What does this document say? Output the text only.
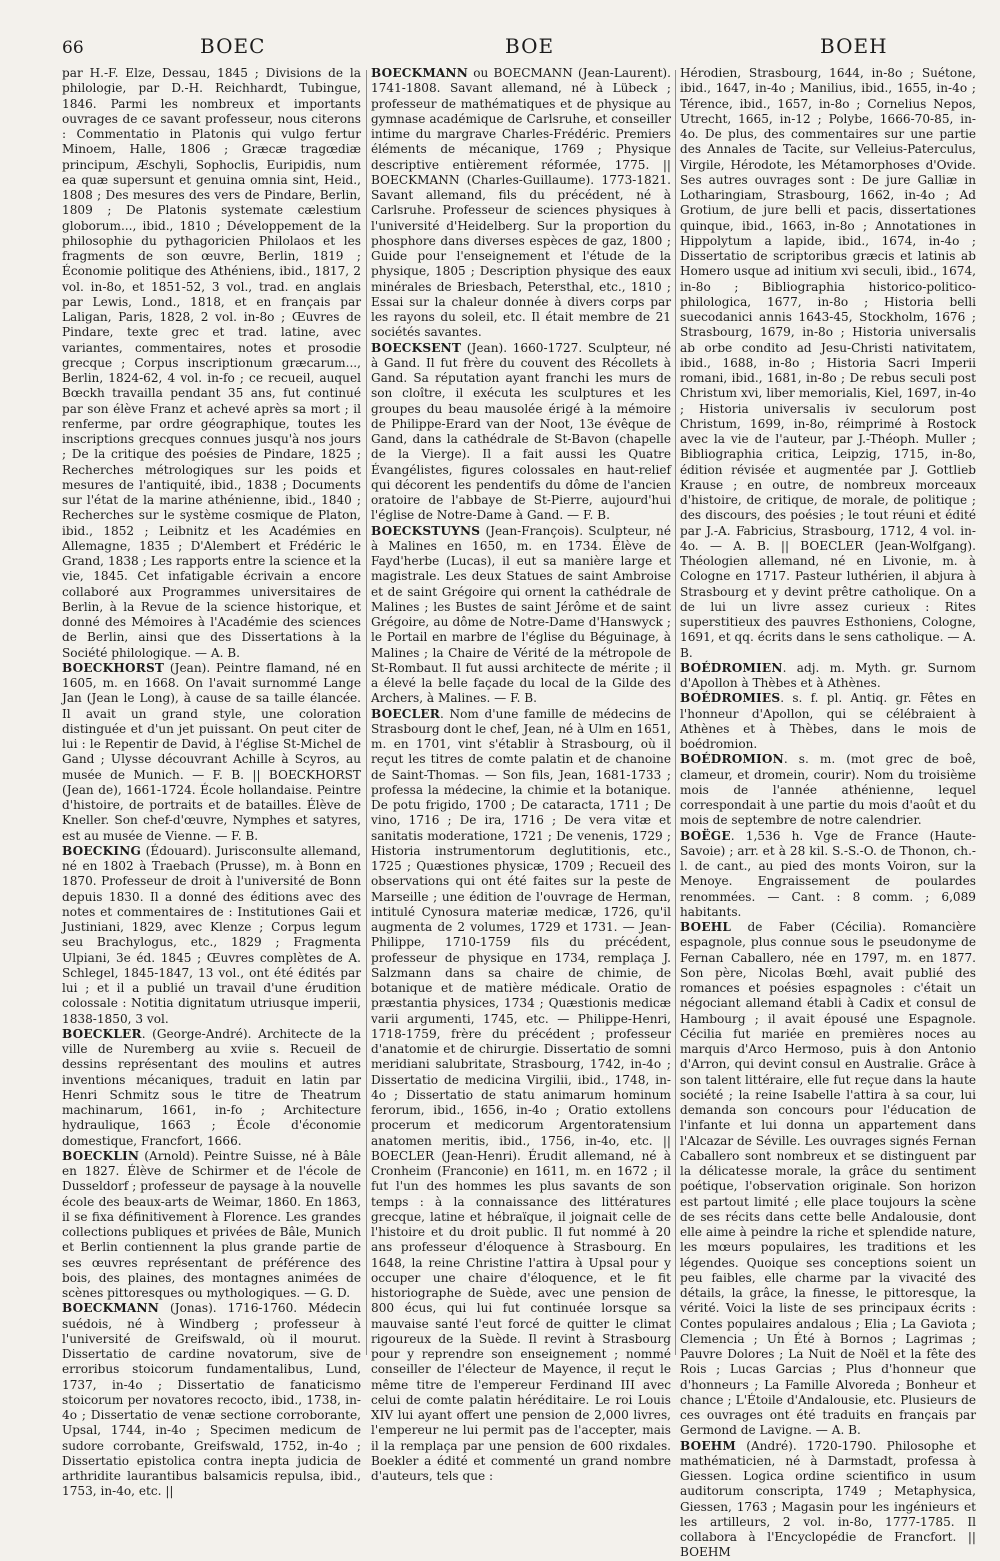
66	BOEC	BOE	BOEH

par H.-F. Elze, Dessau, 1845 ; Divisions de la philologie, par D.-H. Reichhardt, Tubingue, 1846. Parmi les nombreux et importants ouvrages de ce savant professeur, nous citerons : Commentatio in Platonis qui vulgo fertur Minoem, Halle, 1806 ; Græcæ tragœdiæ principum, Æschyli, Sophoclis, Euripidis, num ea quæ supersunt et genuina omnia sint, Heid., 1808 ; Des mesures des vers de Pindare, Berlin, 1809 ; De Platonis systemate cælestium globorum..., ibid., 1810 ; Développement de la philosophie du pythagoricien Philolaos et les fragments de son œuvre, Berlin, 1819 ; Économie politique des Athéniens, ibid., 1817, 2 vol. in-8o, et 1851-52, 3 vol., trad. en anglais par Lewis, Lond., 1818, et en français par Laligan, Paris, 1828, 2 vol. in-8o ; Œuvres de Pindare, texte grec et trad. latine, avec variantes, commentaires, notes et prosodie grecque ; Corpus inscriptionum græcarum..., Berlin, 1824-62, 4 vol. in-fo ; ce recueil, auquel Bœckh travailla pendant 35 ans, fut continué par son élève Franz et achevé après sa mort ; il renferme, par ordre géographique, toutes les inscriptions grecques connues jusqu'à nos jours ; De la critique des poésies de Pindare, 1825 ; Recherches métrologiques sur les poids et mesures de l'antiquité, ibid., 1838 ; Documents sur l'état de la marine athénienne, ibid., 1840 ; Recherches sur le système cosmique de Platon, ibid., 1852 ; Leibnitz et les Académies en Allemagne, 1835 ; D'Alembert et Frédéric le Grand, 1838 ; Les rapports entre la science et la vie, 1845. Cet infatigable écrivain a encore collaboré aux Programmes universitaires de Berlin, à la Revue de la science historique, et donné des Mémoires à l'Académie des sciences de Berlin, ainsi que des Dissertations à la Société philologique. — A. B.

BOECKHORST (Jean). Peintre flamand, né en 1605, m. en 1668. On l'avait surnommé Lange Jan (Jean le Long), à cause de sa taille élancée. Il avait un grand style, une coloration distinguée et d'un jet puissant. On peut citer de lui : le Repentir de David, à l'église St-Michel de Gand ; Ulysse découvrant Achille à Scyros, au musée de Munich. — F. B. || BOECKHORST (Jean de), 1661-1724. École hollandaise. Peintre d'histoire, de portraits et de batailles. Élève de Kneller. Son chef-d'œuvre, Nymphes et satyres, est au musée de Vienne. — F. B.

BOECKING (Édouard). Jurisconsulte allemand, né en 1802 à Traebach (Prusse), m. à Bonn en 1870. Professeur de droit à l'université de Bonn depuis 1830. Il a donné des éditions avec des notes et commentaires de : Institutiones Gaii et Justiniani, 1829, avec Klenze ; Corpus legum seu Brachylogus, etc., 1829 ; Fragmenta Ulpiani, 3e éd. 1845 ; Œuvres complètes de A. Schlegel, 1845-1847, 13 vol., ont été édités par lui ; et il a publié un travail d'une érudition colossale : Notitia dignitatum utriusque imperii, 1838-1850, 3 vol.

BOECKLER. (George-André). Architecte de la ville de Nuremberg au xviie s. Recueil de dessins représentant des moulins et autres inventions mécaniques, traduit en latin par Henri Schmitz sous le titre de Theatrum machinarum, 1661, in-fo ; Architecture hydraulique, 1663 ; École d'économie domestique, Francfort, 1666.

BOECKLIN (Arnold). Peintre Suisse, né à Bâle en 1827. Élève de Schirmer et de l'école de Dusseldorf ; professeur de paysage à la nouvelle école des beaux-arts de Weimar, 1860. En 1863, il se fixa définitivement à Florence. Les grandes collections publiques et privées de Bâle, Munich et Berlin contiennent la plus grande partie de ses œuvres représentant de préférence des bois, des plaines, des montagnes animées de scènes pittoresques ou mythologiques. — G. D.

BOECKMANN (Jonas). 1716-1760. Médecin suédois, né à Windberg ; professeur à l'université de Greifswald, où il mourut. Dissertatio de cardine novatorum, sive de erroribus stoicorum fundamentalibus, Lund, 1737, in-4o ; Dissertatio de fanaticismo stoicorum per novatores recocto, ibid., 1738, in-4o ; Dissertatio de venæ sectione corroborante, Upsal, 1744, in-4o ; Specimen medicum de sudore corrobante, Greifswald, 1752, in-4o ; Dissertatio epistolica contra inepta judicia de arthridite laurantibus balsamicis repulsa, ibid., 1753, in-4o, etc. ||

BOECKMANN ou BOECMANN (Jean-Laurent). 1741-1808. Savant allemand, né à Lübeck ; professeur de mathématiques et de physique au gymnase académique de Carlsruhe, et conseiller intime du margrave Charles-Frédéric. Premiers éléments de mécanique, 1769 ; Physique descriptive entièrement réformée, 1775. || BOECKMANN (Charles-Guillaume). 1773-1821. Savant allemand, fils du précédent, né à Carlsruhe. Professeur de sciences physiques à l'université d'Heidelberg. Sur la proportion du phosphore dans diverses espèces de gaz, 1800 ; Guide pour l'enseignement et l'étude de la physique, 1805 ; Description physique des eaux minérales de Briesbach, Petersthal, etc., 1810 ; Essai sur la chaleur donnée à divers corps par les rayons du soleil, etc. Il était membre de 21 sociétés savantes.

BOECKSENT (Jean). 1660-1727. Sculpteur, né à Gand. Il fut frère du couvent des Récollets à Gand. Sa réputation ayant franchi les murs de son cloître, il exécuta les sculptures et les groupes du beau mausolée érigé à la mémoire de Philippe-Erard van der Noot, 13e évêque de Gand, dans la cathédrale de St-Bavon (chapelle de la Vierge). Il a fait aussi les Quatre Évangélistes, figures colossales en haut-relief qui décorent les pendentifs du dôme de l'ancien oratoire de l'abbaye de St-Pierre, aujourd'hui l'église de Notre-Dame à Gand. — F. B.

BOECKSTUYNS (Jean-François). Sculpteur, né à Malines en 1650, m. en 1734. Élève de Fayd'herbe (Lucas), il eut sa manière large et magistrale. Les deux Statues de saint Ambroise et de saint Grégoire qui ornent la cathédrale de Malines ; les Bustes de saint Jérôme et de saint Grégoire, au dôme de Notre-Dame d'Hanswyck ; le Portail en marbre de l'église du Béguinage, à Malines ; la Chaire de Vérité de la métropole de St-Rombaut. Il fut aussi architecte de mérite ; il a élevé la belle façade du local de la Gilde des Archers, à Malines. — F. B.

BOECLER. Nom d'une famille de médecins de Strasbourg dont le chef, Jean, né à Ulm en 1651, m. en 1701, vint s'établir à Strasbourg, où il reçut les titres de comte palatin et de chanoine de Saint-Thomas. — Son fils, Jean, 1681-1733 ; professa la médecine, la chimie et la botanique. De potu frigido, 1700 ; De cataracta, 1711 ; De vino, 1716 ; De ira, 1716 ; De vera vitæ et sanitatis moderatione, 1721 ; De venenis, 1729 ; Historia instrumentorum deglutitionis, etc., 1725 ; Quæstiones physicæ, 1709 ; Recueil des observations qui ont été faites sur la peste de Marseille ; une édition de l'ouvrage de Herman, intitulé Cynosura materiæ medicæ, 1726, qu'il augmenta de 2 volumes, 1729 et 1731. — Jean-Philippe, 1710-1759 fils du précédent, professeur de physique en 1734, remplaça J. Salzmann dans sa chaire de chimie, de botanique et de matière médicale. Oratio de præstantia physices, 1734 ; Quæstionis medicæ varii argumenti, 1745, etc. — Philippe-Henri, 1718-1759, frère du précédent ; professeur d'anatomie et de chirurgie. Dissertatio de somni meridiani salubritate, Strasbourg, 1742, in-4o ; Dissertatio de medicina Virgilii, ibid., 1748, in-4o ; Dissertatio de statu animarum hominum ferorum, ibid., 1656, in-4o ; Oratio extollens procerum et medicorum Argentoratensium anatomen meritis, ibid., 1756, in-4o, etc. || BOECLER (Jean-Henri). Érudit allemand, né à Cronheim (Franconie) en 1611, m. en 1672 ; il fut l'un des hommes les plus savants de son temps : à la connaissance des littératures grecque, latine et hébraïque, il joignait celle de l'histoire et du droit public. Il fut nommé à 20 ans professeur d'éloquence à Strasbourg. En 1648, la reine Christine l'attira à Upsal pour y occuper une chaire d'éloquence, et le fit historiographe de Suède, avec une pension de 800 écus, qui lui fut continuée lorsque sa mauvaise santé l'eut forcé de quitter le climat rigoureux de la Suède. Il revint à Strasbourg pour y reprendre son enseignement ; nommé conseiller de l'électeur de Mayence, il reçut le même titre de l'empereur Ferdinand III avec celui de comte palatin héréditaire. Le roi Louis XIV lui ayant offert une pension de 2,000 livres, l'empereur ne lui permit pas de l'accepter, mais il la remplaça par une pension de 600 rixdales. Boekler a édité et commenté un grand nombre d'auteurs, tels que :

Hérodien, Strasbourg, 1644, in-8o ; Suétone, ibid., 1647, in-4o ; Manilius, ibid., 1655, in-4o ; Térence, ibid., 1657, in-8o ; Cornelius Nepos, Utrecht, 1665, in-12 ; Polybe, 1666-70-85, in-4o. De plus, des commentaires sur une partie des Annales de Tacite, sur Velleius-Paterculus, Virgile, Hérodote, les Métamorphoses d'Ovide. Ses autres ouvrages sont : De jure Galliæ in Lotharingiam, Strasbourg, 1662, in-4o ; Ad Grotium, de jure belli et pacis, dissertationes quinque, ibid., 1663, in-8o ; Annotationes in Hippolytum a lapide, ibid., 1674, in-4o ; Dissertatio de scriptoribus græcis et latinis ab Homero usque ad initium xvi seculi, ibid., 1674, in-8o ; Bibliographia historico-politico-philologica, 1677, in-8o ; Historia belli suecodanici annis 1643-45, Stockholm, 1676 ; Strasbourg, 1679, in-8o ; Historia universalis ab orbe condito ad Jesu-Christi nativitatem, ibid., 1688, in-8o ; Historia Sacri Imperii romani, ibid., 1681, in-8o ; De rebus seculi post Christum xvi, liber memorialis, Kiel, 1697, in-4o ; Historia universalis iv seculorum post Christum, 1699, in-8o, réimprimé à Rostock avec la vie de l'auteur, par J.-Théoph. Muller ; Bibliographia critica, Leipzig, 1715, in-8o, édition révisée et augmentée par J. Gottlieb Krause ; en outre, de nombreux morceaux d'histoire, de critique, de morale, de politique ; des discours, des poésies ; le tout réuni et édité par J.-A. Fabricius, Strasbourg, 1712, 4 vol. in-4o. — A. B. || BOECLER (Jean-Wolfgang). Théologien allemand, né en Livonie, m. à Cologne en 1717. Pasteur luthérien, il abjura à Strasbourg et y devint prêtre catholique. On a de lui un livre assez curieux : Rites superstitieux des pauvres Esthoniens, Cologne, 1691, et qq. écrits dans le sens catholique. — A. B.

BOÉDROMIEN. adj. m. Myth. gr. Surnom d'Apollon à Thèbes et à Athènes.

BOÉDROMIES. s. f. pl. Antiq. gr. Fêtes en l'honneur d'Apollon, qui se célébraient à Athènes et à Thèbes, dans le mois de boédromion.

BOÉDROMION. s. m. (mot grec de boê, clameur, et dromein, courir). Nom du troisième mois de l'année athénienne, lequel correspondait à une partie du mois d'août et du mois de septembre de notre calendrier.

BOËGE. 1,536 h. Vge de France (Haute-Savoie) ; arr. et à 28 kil. S.-S.-O. de Thonon, ch.-l. de cant., au pied des monts Voiron, sur la Menoye. Engraissement de poulardes renommées. — Cant. : 8 comm. ; 6,089 habitants.

BOEHL de Faber (Cécilia). Romancière espagnole, plus connue sous le pseudonyme de Fernan Caballero, née en 1797, m. en 1877. Son père, Nicolas Bœhl, avait publié des romances et poésies espagnoles : c'était un négociant allemand établi à Cadix et consul de Hambourg ; il avait épousé une Espagnole. Cécilia fut mariée en premières noces au marquis d'Arco Hermoso, puis à don Antonio d'Arron, qui devint consul en Australie. Grâce à son talent littéraire, elle fut reçue dans la haute société ; la reine Isabelle l'attira à sa cour, lui demanda son concours pour l'éducation de l'infante et lui donna un appartement dans l'Alcazar de Séville. Les ouvrages signés Fernan Caballero sont nombreux et se distinguent par la délicatesse morale, la grâce du sentiment poétique, l'observation originale. Son horizon est partout limité ; elle place toujours la scène de ses récits dans cette belle Andalousie, dont elle aime à peindre la riche et splendide nature, les mœurs populaires, les traditions et les légendes. Quoique ses conceptions soient un peu faibles, elle charme par la vivacité des détails, la grâce, la finesse, le pittoresque, la vérité. Voici la liste de ses principaux écrits : Contes populaires andalous ; Elia ; La Gaviota ; Clemencia ; Un Été à Bornos ; Lagrimas ; Pauvre Dolores ; La Nuit de Noël et la fête des Rois ; Lucas Garcias ; Plus d'honneur que d'honneurs ; La Famille Alvoreda ; Bonheur et chance ; L'Étoile d'Andalousie, etc. Plusieurs de ces ouvrages ont été traduits en français par Germond de Lavigne. — A. B.

BOEHM (André). 1720-1790. Philosophe et mathématicien, né à Darmstadt, professa à Giessen. Logica ordine scientifico in usum auditorum conscripta, 1749 ; Metaphysica, Giessen, 1763 ; Magasin pour les ingénieurs et les artilleurs, 2 vol. in-8o, 1777-1785. Il collabora à l'Encyclopédie de Francfort. || BOEHM
